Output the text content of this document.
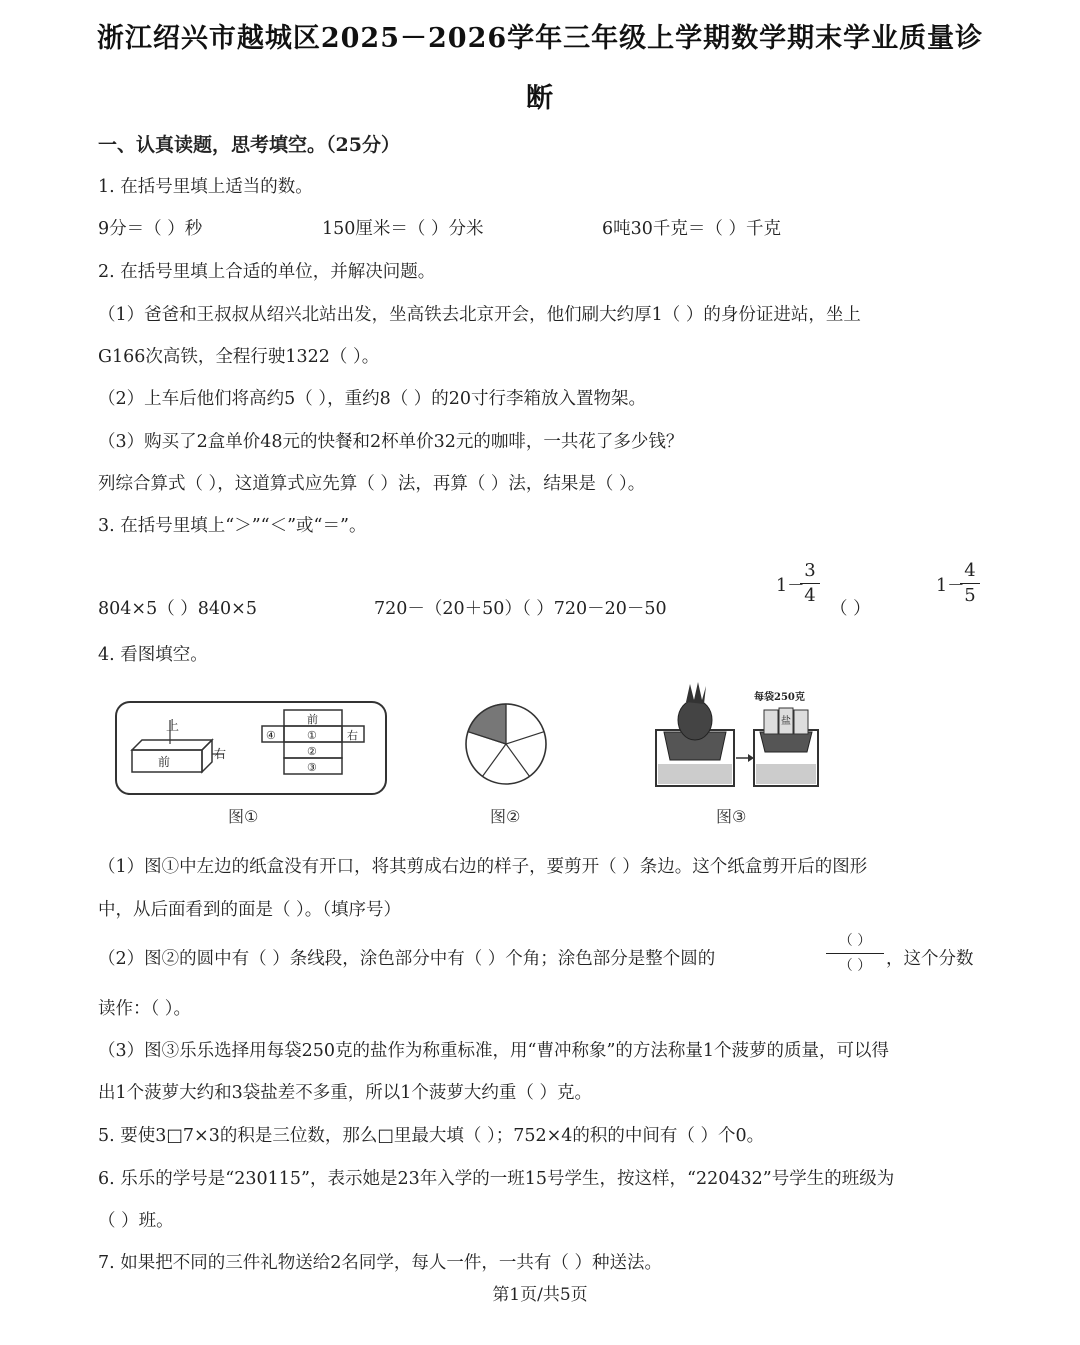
浙江绍兴市越城区2025－2026学年三年级上学期数学期末学业质量诊
断
一、认真读题，思考填空。（25分）
1. 在括号里填上适当的数。
9分＝（ ）秒	150厘米＝（ ）分米	6吨30千克＝（ ）千克
2. 在括号里填上合适的单位，并解决问题。
（1）爸爸和王叔叔从绍兴北站出发，坐高铁去北京开会，他们刷大约厚1（ ）的身份证进站，坐上
G166次高铁，全程行驶1322（ ）。
（2）上车后他们将高约5（ ），重约8（ ）的20寸行李箱放入置物架。
（3）购买了2盒单价48元的快餐和2杯单价32元的咖啡，一共花了多少钱？
列综合算式（ ），这道算式应先算（ ）法，再算（ ）法，结果是（ ）。
3. 在括号里填上“＞”“＜”或“＝”。
804×5（ ）840×5	720－（20＋50）（ ）720－20－50
1－
3
4
（ ）
1－
4
5
4. 看图填空。
上
前
右
前
④	①	右
②
③
图①	图②
盐
每袋250克
图③
（1）图①中左边的纸盒没有开口，将其剪成右边的样子，要剪开（ ）条边。这个纸盒剪开后的图形
中，从后面看到的面是（ ）。（填序号）
（2）图②的圆中有（ ）条线段，涂色部分中有（ ）个角；涂色部分是整个圆的
（ ）
（ ） ，这个分数
读作：（ ）。
（3）图③乐乐选择用每袋250克的盐作为称重标准，用“曹冲称象”的方法称量1个菠萝的质量，可以得
出1个菠萝大约和3袋盐差不多重，所以1个菠萝大约重（ ）克。
5. 要使3□7×3的积是三位数，那么□里最大填（ ）；752×4的积的中间有（ ）个0。
6. 乐乐的学号是“230115”，表示她是23年入学的一班15号学生，按这样，“220432”号学生的班级为
（ ）班。
7. 如果把不同的三件礼物送给2名同学，每人一件，一共有（ ）种送法。
第1页/共5页
